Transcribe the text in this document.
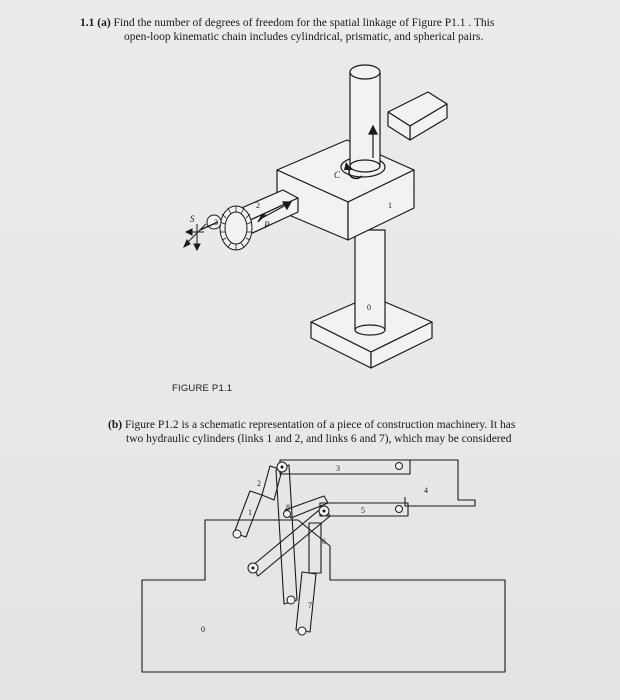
1.1 (a) Find the number of degrees of freedom for the spatial linkage of Figure P1.1 . This
open-loop kinematic chain includes cylindrical, prismatic, and spherical pairs.
C
S
P
1
2
3
0
FIGURE P1.1
(b) Figure P1.2 is a schematic representation of a piece of construction machinery. It has
two hydraulic cylinders (links 1 and 2, and links 6 and 7), which may be considered
0
1
2
3
4
5
6
7
8
